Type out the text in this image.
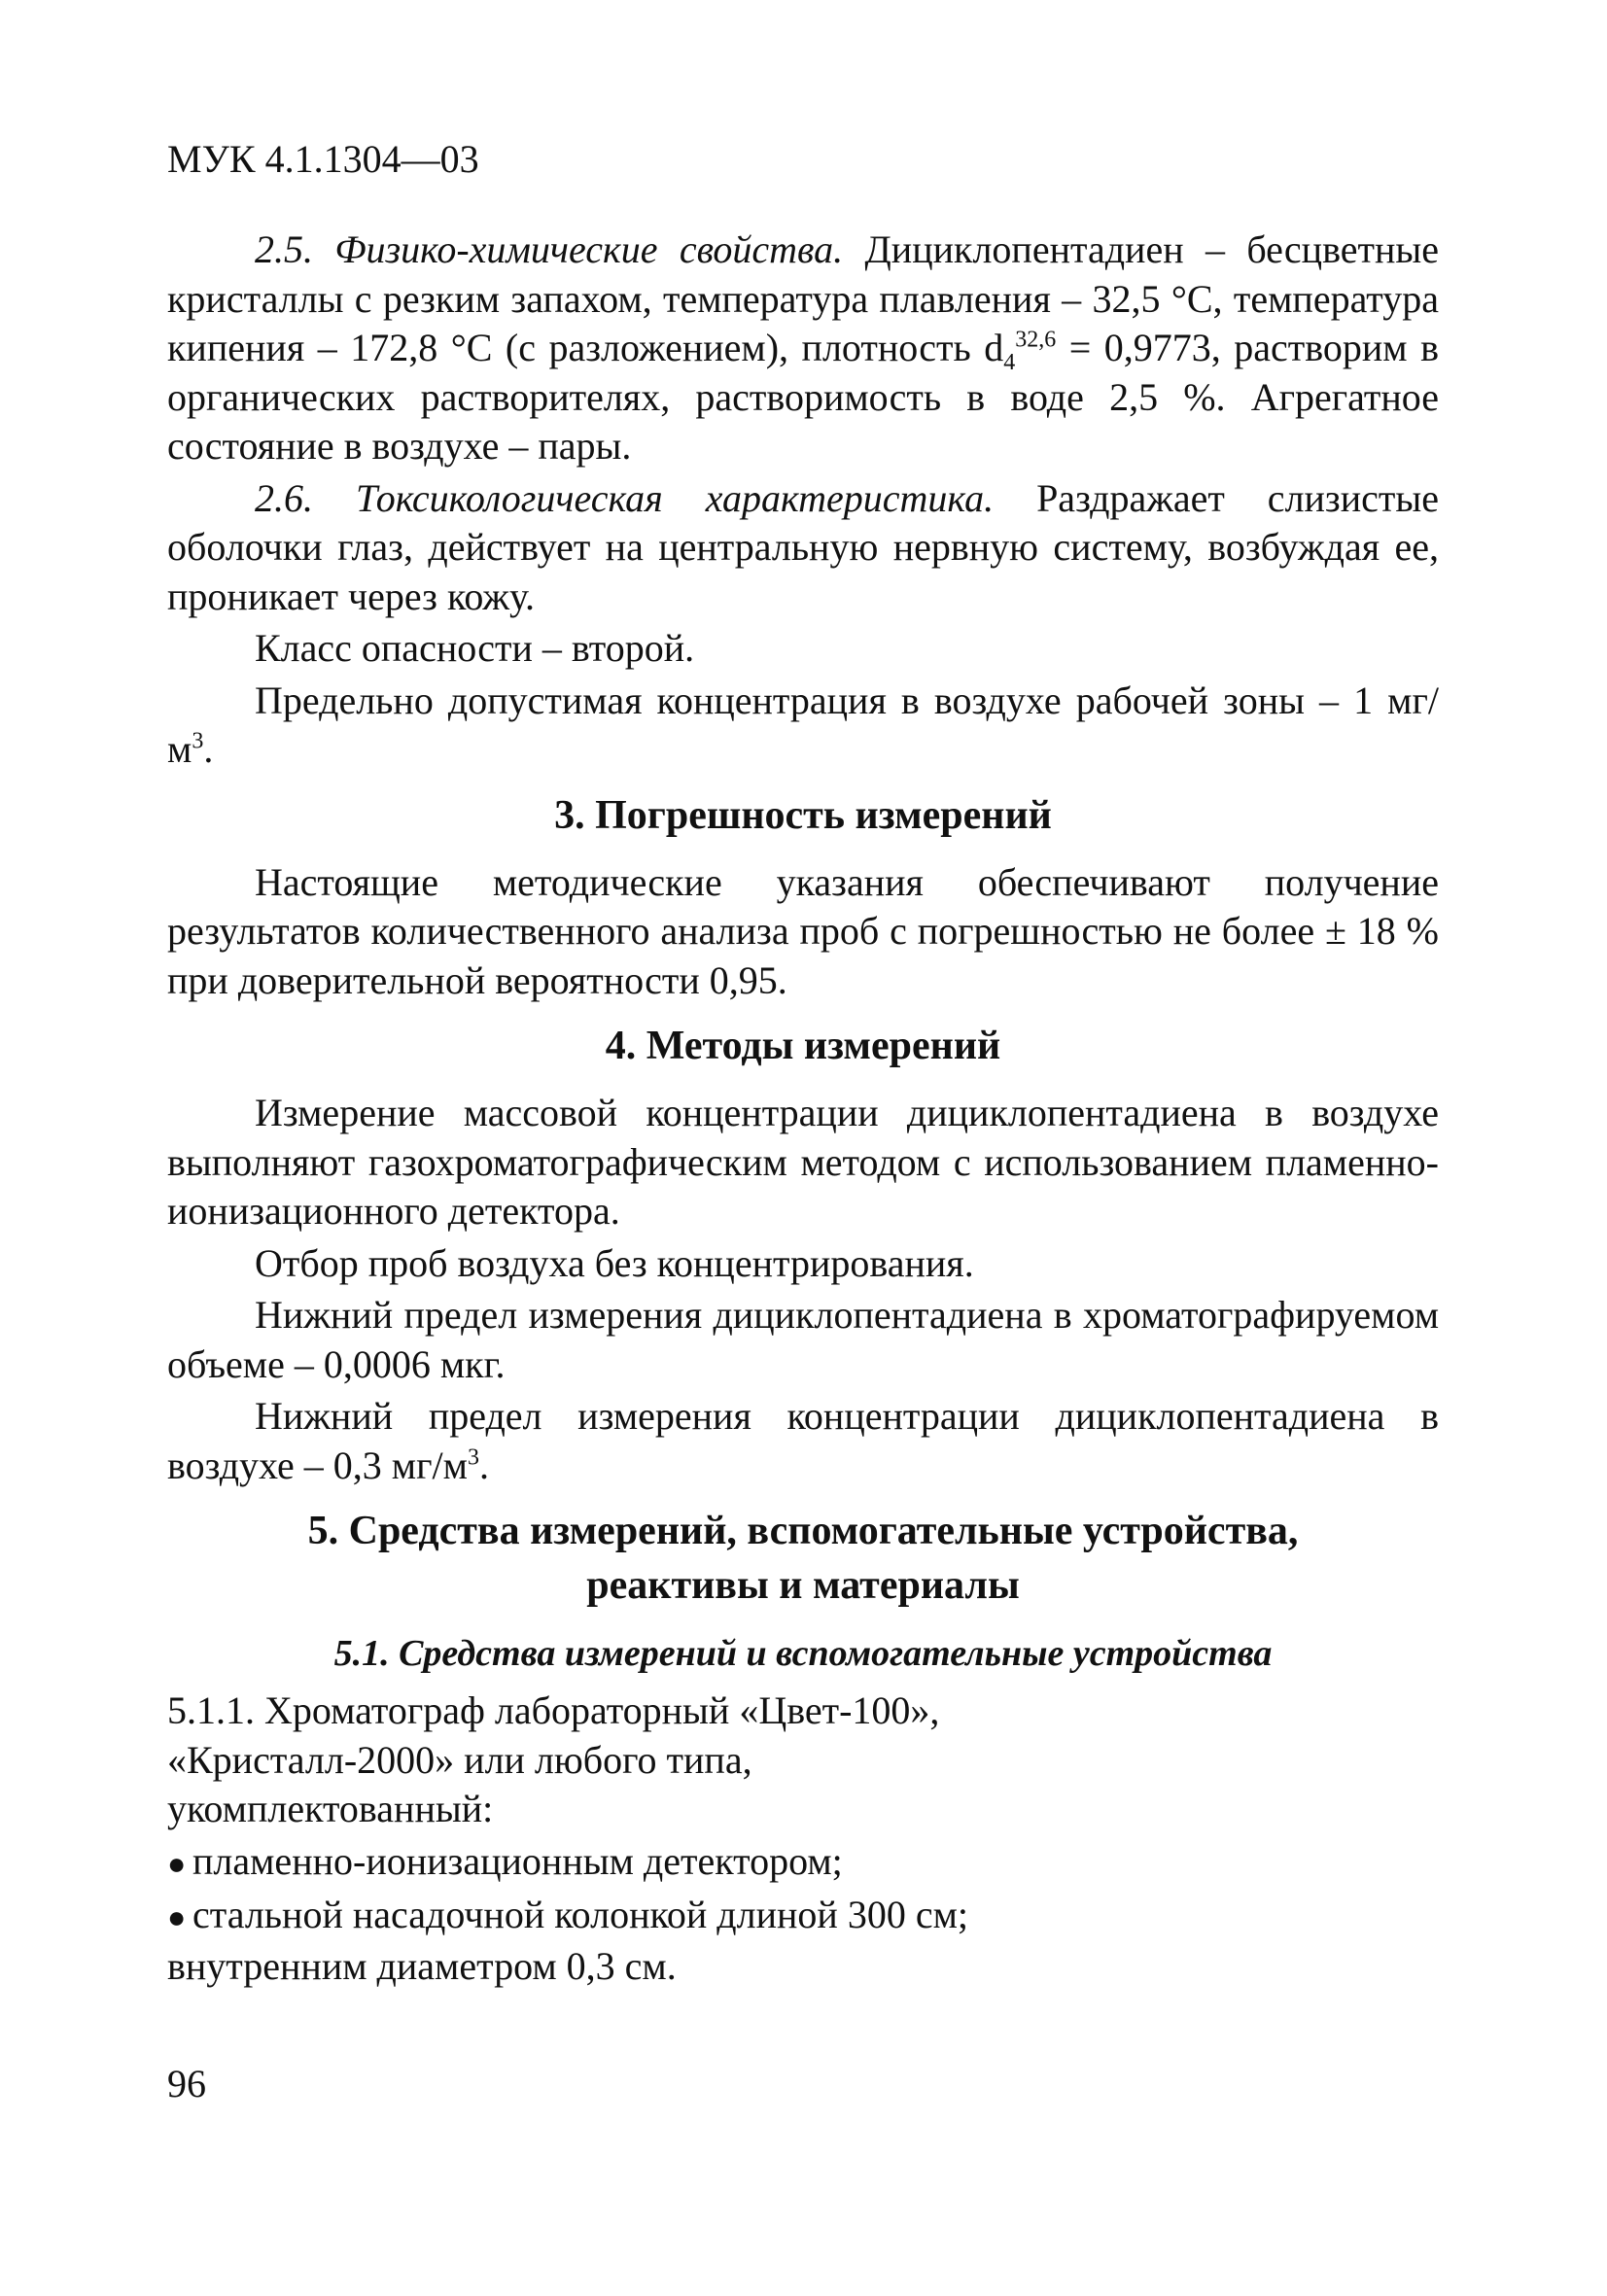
МУК 4.1.1304—03

2.5. Физико-химические свойства. Дициклопентадиен – бесцветные кристаллы с резким запахом, температура плавления – 32,5 °С, температура кипения – 172,8 °С (с разложением), плотность $d_4^{32,6} = 0,9773$, растворим в органических растворителях, растворимость в воде 2,5 %. Агрегатное состояние в воздухе – пары.

2.6. Токсикологическая характеристика. Раздражает слизистые оболочки глаз, действует на центральную нервную систему, возбуждая ее, проникает через кожу.

Класс опасности – второй.

Предельно допустимая концентрация в воздухе рабочей зоны – 1 $мг/м^3$.

3. Погрешность измерений

Настоящие методические указания обеспечивают получение результатов количественного анализа проб с погрешностью не более ± 18 % при доверительной вероятности 0,95.

4. Методы измерений

Измерение массовой концентрации дициклопентадиена в воздухе выполняют газохроматографическим методом с использованием пламенно-ионизационного детектора.

Отбор проб воздуха без концентрирования.

Нижний предел измерения дициклопентадиена в хроматографируемом объеме – 0,0006 мкг.

Нижний предел измерения концентрации дициклопентадиена в воздухе – 0,3 $мг/м^3$.

5. Средства измерений, вспомогательные устройства,
реактивы и материалы
5.1. Средства измерений и вспомогательные устройства

5.1.1. Хроматограф лабораторный «Цвет-100», «Кристалл-2000» или любого типа, укомплектованный:

● пламенно-ионизационным детектором;

● стальной насадочной колонкой длиной 300 см;

внутренним диаметром 0,3 см.

96
